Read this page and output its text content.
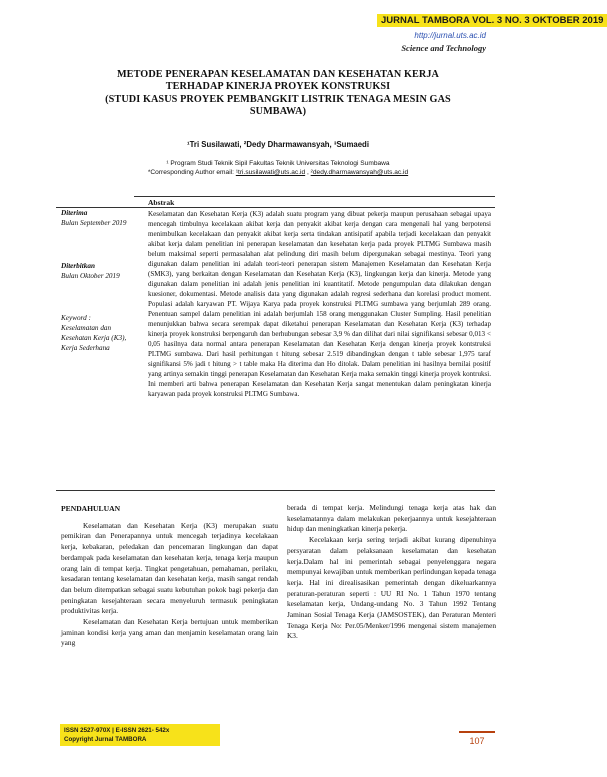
JURNAL TAMBORA VOL. 3 NO. 3 OKTOBER 2019
http://jurnal.uts.ac.id
Science and Technology
METODE PENERAPAN KESELAMATAN DAN KESEHATAN KERJA
TERHADAP KINERJA PROYEK KONSTRUKSI
(STUDI KASUS PROYEK PEMBANGKIT LISTRIK TENAGA MESIN GAS
SUMBAWA)
¹Tri Susilawati, ²Dedy Dharmawansyah, ³Sumaedi
¹ Program Studi Teknik Sipil Fakultas Teknik Universitas Teknologi Sumbawa
*Corresponding Author email: ¹tri.susilawati@uts.ac.id , ²dedy.dharmawansyah@uts.ac.id
Abstrak
Diterima
Bulan September 2019
Diterbitkan
Bulan Oktober 2019
Keyword :
Keselamatan dan Kesehatan Kerja (K3), Kerja Sederhana
Keselamatan dan Kesehatan Kerja (K3) adalah suatu program yang dibuat pekerja maupun perusahaan sebagai upaya mencegah timbulnya kecelakaan akibat kerja dan penyakit akibat kerja dengan cara mengenali hal yang berpotensi menimbulkan kecelakaan dan penyakit akibat kerja serta tindakan antisipatif apabila terjadi kecelakaan dan penyakit akibat kerja dalam penelitian ini penerapan keselamatan dan kesehatan kerja pada proyek PLTMG Sumbawa masih belum maksimal seperti permasalahan alat pelindung diri masih belum dipergunakan sebagai mestinya. Teori yang digunakan dalam penelitian ini adalah teori-teori penerapan sistem Manajemen Keselamatan dan Kesehatan Kerja (SMK3), yang berkaitan dengan Keselamatan dan Kesehatan Kerja (K3), lingkungan kerja dan kinerja. Metode yang digunakan dalam penelitian ini adalah jenis penelitian ini kuantitatif. Metode pengumpulan data dilakukan dengan kuesioner, dokumentasi. Metode analisis data yang digunakan adalah regresi sederhana dan korelasi product moment. Populasi adalah karyawan PT. Wijaya Karya pada proyek konstruksi PLTMG sumbawa yang berjumlah 289 orang. Penentuan sampel dalam penelitian ini adalah berjumlah 158 orang menggunakan Cluster Sumpling. Hasil penelitian menunjukkan bahwa secara serempak dapat diketahui penerapan Keselamatan dan Kesehatan Kerja (K3) terhadap kinerja proyek konstruksi berpengaruh dan berhubungan sebesar 3,9 % dan dilihat dari nilai signifikansi sebesar 0,013 < 0,05 hasilnya data normal antara penerapan Keselamatan dan Kesehatan Kerja dengan kinerja proyek kontstruksi PLTMG sumbawa. Dari hasil perhitungan t hitung sebesar 2.519 dibandingkan dengan t table sebesar 1,975 taraf signifikansi 5% jadi t hitung > t table maka Ha diterima dan Ho ditolak. Dalam penelitian ini hasilnya bernilai positif yang artinya semakin tinggi penerapan Keselamatan dan Kesehatan Kerja maka semakin tinggi kinerja proyek kontruksi. Ini memberi arti bahwa penerapan Keselamatan dan Kesehatan Kerja sangat menentukan dalam peningkatan kinerja karyawan pada proyek konstruksi PLTMG Sumbawa.
PENDAHULUAN

Keselamatan dan Kesehatan Kerja (K3) merupakan suatu pemikiran dan Penerapannya untuk mencegah terjadinya kecelakaan kerja, kebakaran, peledakan dan pencemaran lingkungan dan dapat berdampak pada keselamatan dan kesehatan kerja, tenaga kerja maupun orang lain di tempat kerja. Tingkat pengetahuan, pemahaman, perilaku, kesadaran tentang keselamatan dan kesehatan kerja, masih sangat rendah dan belum ditempatkan sebagai suatu kebutuhan pokok bagi pekerja dan peningkatan kesejahteraan secara menyeluruh termasuk peningkatan produktivitas kerja.

Keselamatan dan Kesehatan Kerja bertujuan untuk memberikan jaminan kondisi kerja yang aman dan menjamin keselamatan orang lain yang

berada di tempat kerja. Melindungi tenaga kerja atas hak dan keselamatannya dalam melakukan pekerjaannya untuk kesejahteraan hidup dan meningkatkan kinerja pekerja.

Kecelakaan kerja sering terjadi akibat kurang dipenuhinya persyaratan dalam pelaksanaan keselamatan dan kesehatan kerja.Dalam hal ini pemerintah sebagai penyelenggara negara mempunyai kewajiban untuk memberikan perlindungan kepada tenaga kerja. Hal ini direalisasikan pemerintah dengan dikeluarkannya peraturan-peraturan seperti : UU RI No. 1 Tahun 1970 tentang keselamatan kerja, Undang-undang No. 3 Tahun 1992 Tentang Jaminan Sosial Tenaga Kerja (JAMSOSTEK), dan Peraturan Menteri Tenaga Kerja No: Per.05/Menker/1996 mengenai sistem manajemen K3.

ISSN 2527-970X | E-ISSN 2621- 542x
Copyright Jurnal TAMBORA	107
